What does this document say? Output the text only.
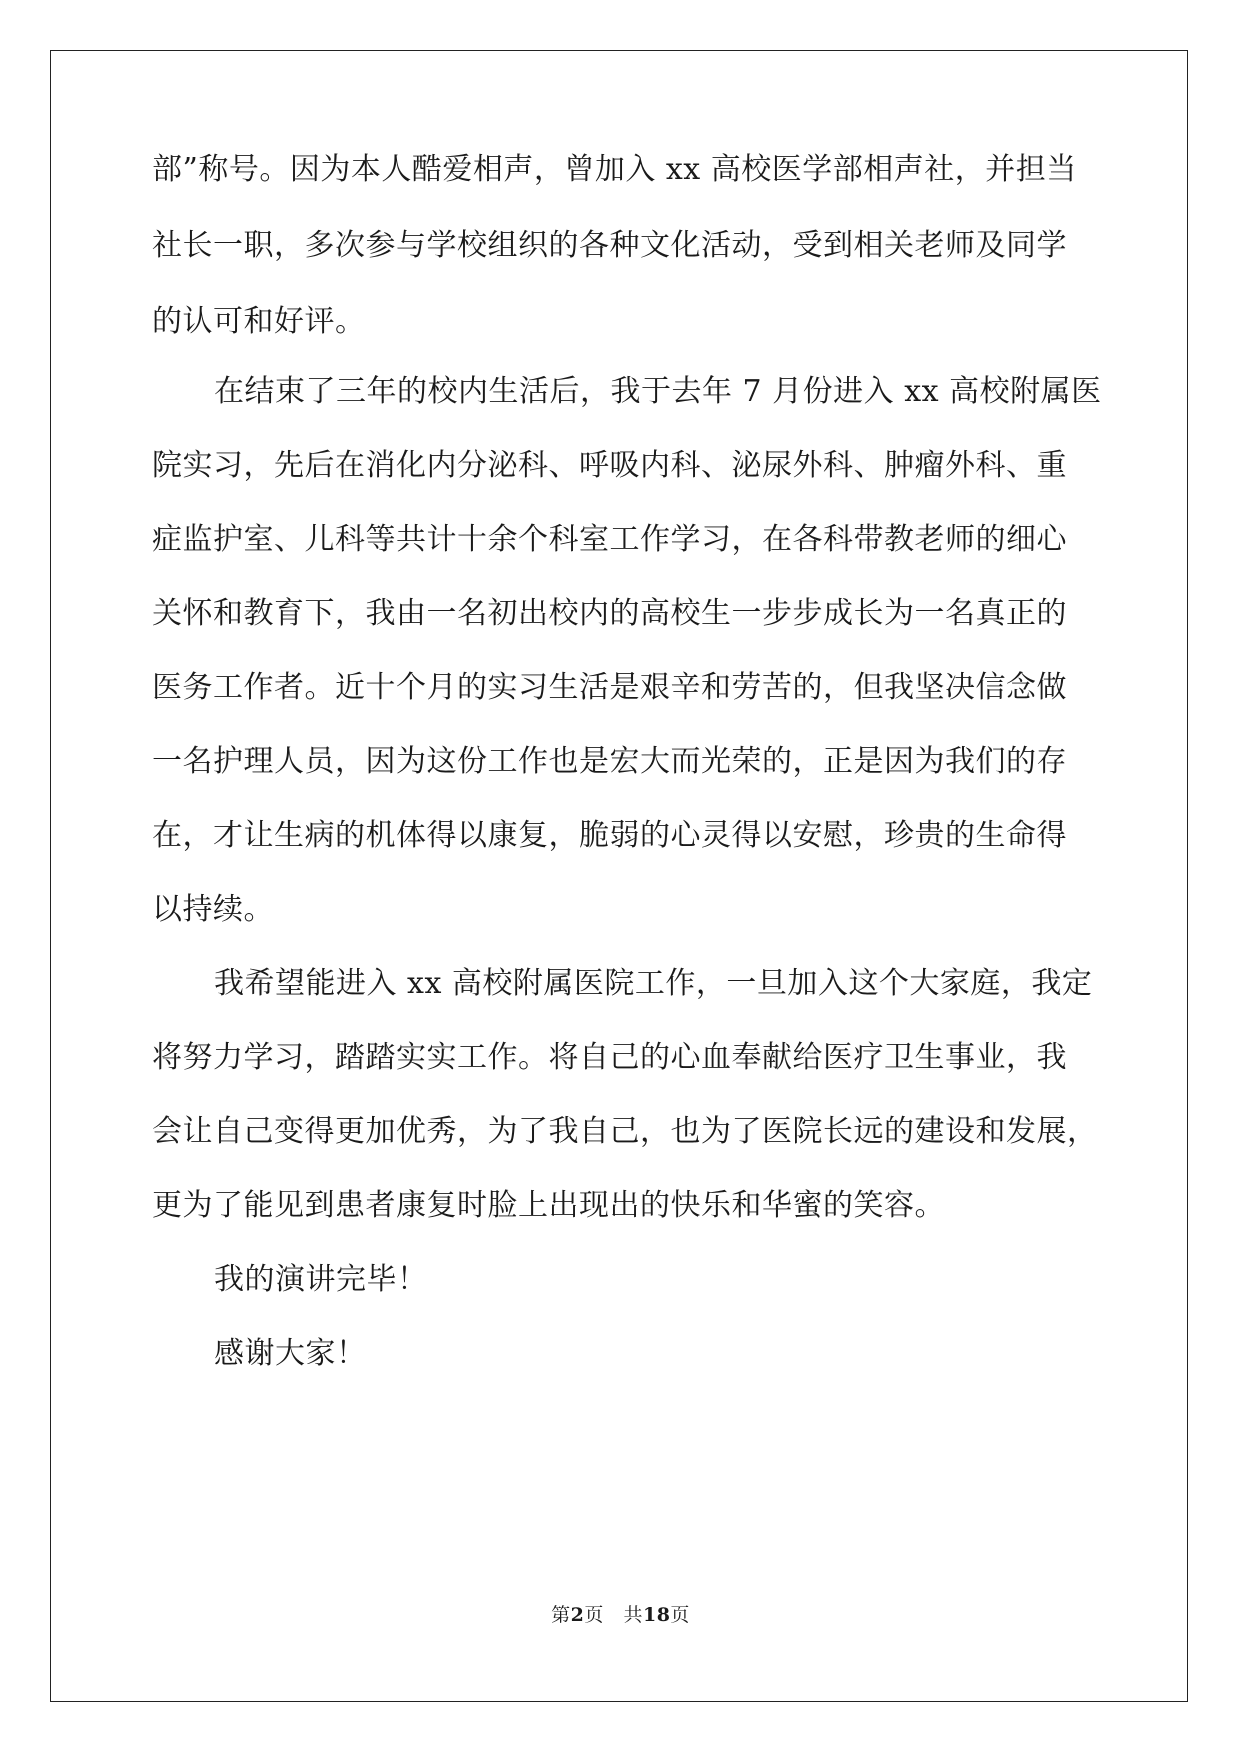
部”称号。因为本人酷爱相声，曾加入 xx 高校医学部相声社，并担当
社长一职，多次参与学校组织的各种文化活动，受到相关老师及同学
的认可和好评。
在结束了三年的校内生活后，我于去年 7 月份进入 xx 高校附属医
院实习，先后在消化内分泌科、呼吸内科、泌尿外科、肿瘤外科、重
症监护室、儿科等共计十余个科室工作学习，在各科带教老师的细心
关怀和教育下，我由一名初出校内的高校生一步步成长为一名真正的
医务工作者。近十个月的实习生活是艰辛和劳苦的，但我坚决信念做
一名护理人员，因为这份工作也是宏大而光荣的，正是因为我们的存
在，才让生病的机体得以康复，脆弱的心灵得以安慰，珍贵的生命得
以持续。
我希望能进入 xx 高校附属医院工作，一旦加入这个大家庭，我定
将努力学习，踏踏实实工作。将自己的心血奉献给医疗卫生事业，我
会让自己变得更加优秀，为了我自己，也为了医院长远的建设和发展，
更为了能见到患者康复时脸上出现出的快乐和华蜜的笑容。
我的演讲完毕！
感谢大家！
第2页 共18页
